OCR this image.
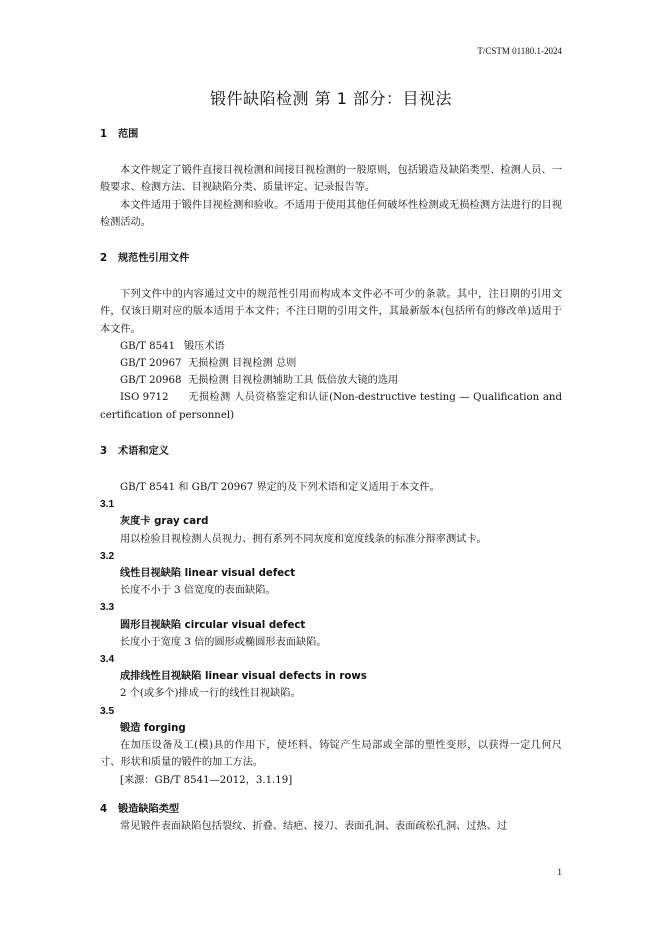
T/CSTM 01180.1-2024
锻件缺陷检测 第 1 部分：目视法

1 范围

本文件规定了锻件直接目视检测和间接目视检测的一般原则，包括锻造及缺陷类型、检测人员、一般要求、检测方法、目视缺陷分类、质量评定、记录报告等。

本文件适用于锻件目视检测和验收。不适用于使用其他任何破坏性检测或无损检测方法进行的目视检测活动。

2 规范性引用文件

下列文件中的内容通过文中的规范性引用而构成本文件必不可少的条款。其中，注日期的引用文件，仅该日期对应的版本适用于本文件；不注日期的引用文件，其最新版本(包括所有的修改单)适用于本文件。

GB/T 8541 锻压术语

GB/T 20967 无损检测 目视检测 总则

GB/T 20968 无损检测 目视检测辅助工具 低倍放大镜的选用

ISO 9712 无损检测 人员资格鉴定和认证(Non-destructive testing — Qualification and certification of personnel)

3 术语和定义

GB/T 8541 和 GB/T 20967 界定的及下列术语和定义适用于本文件。

3.1

灰度卡 gray card

用以检验目视检测人员视力、拥有系列不同灰度和宽度线条的标准分辩率测试卡。

3.2

线性目视缺陷 linear visual defect

长度不小于 3 倍宽度的表面缺陷。

3.3

圆形目视缺陷 circular visual defect

长度小于宽度 3 倍的圆形或椭圆形表面缺陷。

3.4

成排线性目视缺陷 linear visual defects in rows

2 个(或多个)排成一行的线性目视缺陷。

3.5

锻造 forging

在加压设备及工(模)具的作用下，使坯料、铸锭产生局部或全部的塑性变形，以获得一定几何尺寸、形状和质量的锻件的加工方法。

[来源：GB/T 8541—2012，3.1.19]

4 锻造缺陷类型

常见锻件表面缺陷包括裂纹、折叠、结疤、接刀、表面孔洞、表面疏松孔洞、过热、过

1
